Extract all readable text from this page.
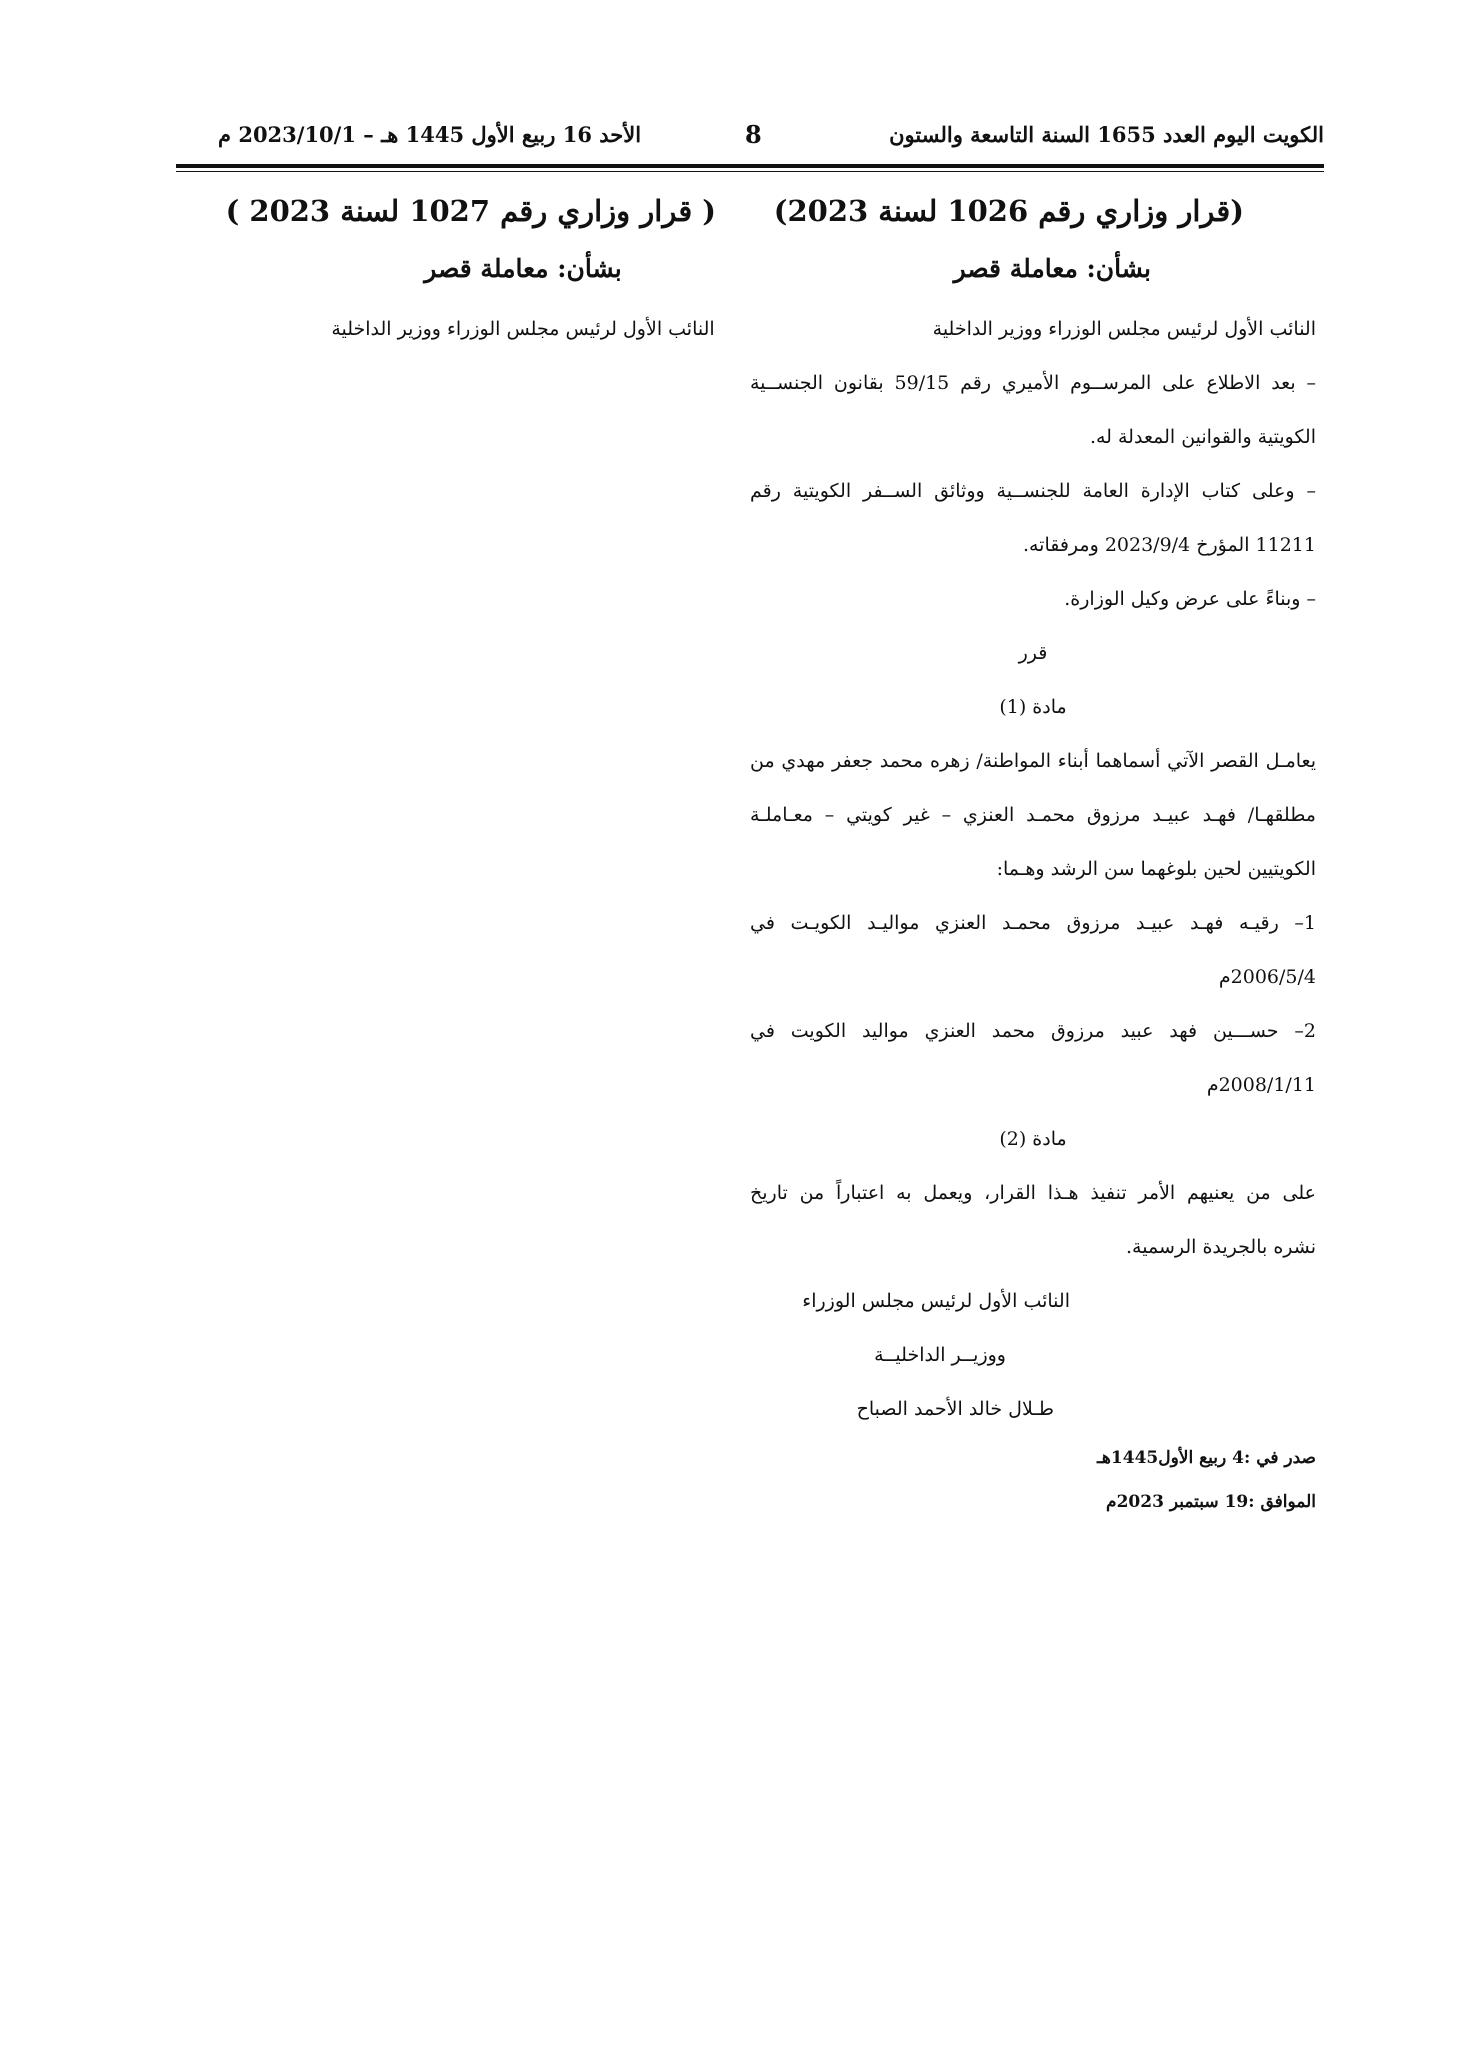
الكويت اليوم العدد 1655 السنة التاسعة والستون
8
الأحد 16 ربيع الأول 1445 هـ – 2023/10/1 م
(قرار وزاري رقم 1026 لسنة 2023)
بشأن: معاملة قصر

النائب الأول لرئيس مجلس الوزراء ووزير الداخلية

– بعد الاطلاع على المرســوم الأميري رقم 59/15 بقانون الجنســية

الكويتية والقوانين المعدلة له.

– وعلى كتاب الإدارة العامة للجنســية ووثائق الســفر الكويتية رقم

11211 المؤرخ 2023/9/4 ومرفقاته.

– وبناءً على عرض وكيل الوزارة.

قرر

مادة (1)

يعامـل القصر الآتي أسماهما أبناء المواطنة/ زهره محمد جعفر مهدي من

مطلقهـا/ فهـد عبيـد مرزوق محمـد العنزي – غير كويتي – معـاملـة

الكويتيين لحين بلوغهما سن الرشد وهـما:

1– رقيـه فهـد عبيـد مرزوق محمـد العنزي مواليـد الكويـت في

2006/5/4م

2– حســـين فهد عبيد مرزوق محمد العنزي مواليد الكويت في

2008/1/11م

مادة (2)

على من يعنيهم الأمر تنفيذ هـذا القرار، ويعمل به اعتباراً من تاريخ

نشره بالجريدة الرسمية.

النائب الأول لرئيس مجلس الوزراء
ووزيــر الداخليــة
طـلال خالد الأحمد الصباح
صدر في :4 ربيع الأول1445هـ
الموافق :19 سبتمبر 2023م
( قرار وزاري رقم 1027 لسنة 2023 )
بشأن: معاملة قصر

النائب الأول لرئيس مجلس الوزراء ووزير الداخلية
